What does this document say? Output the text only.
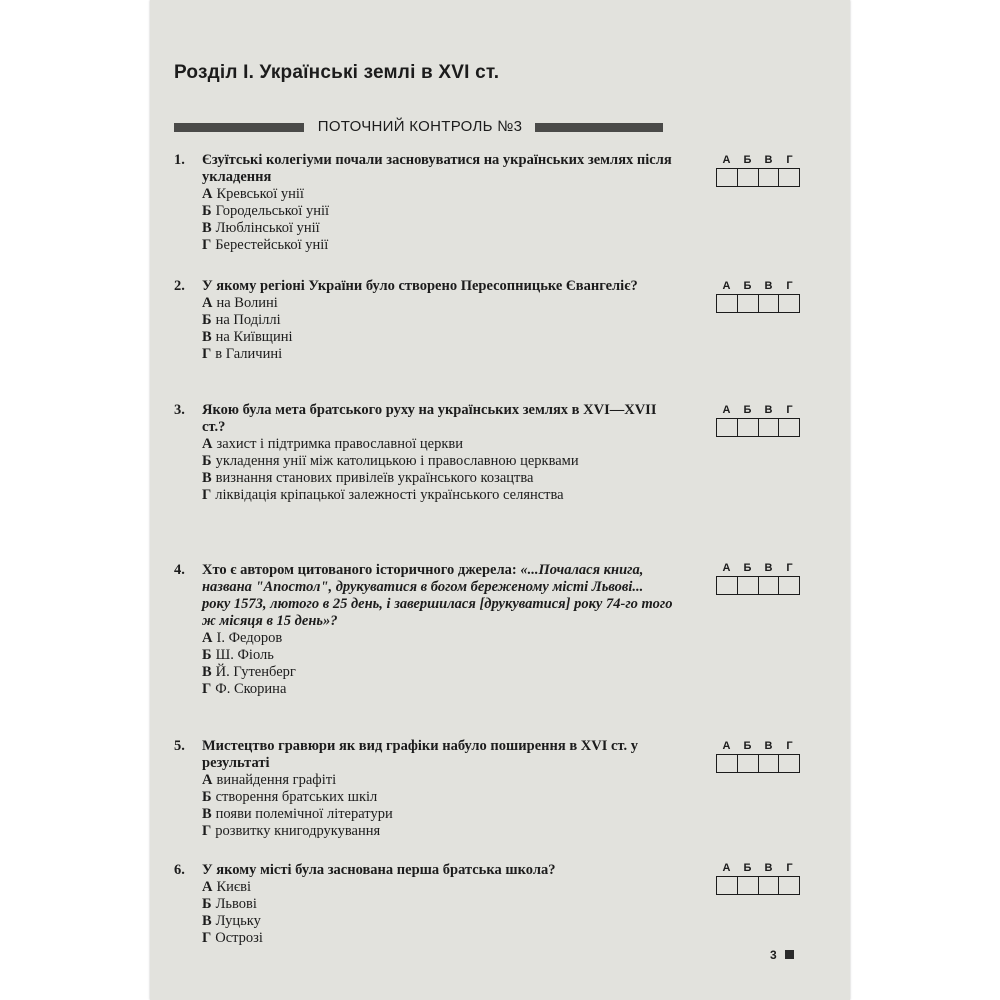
Розділ І. Українські землі в XVI ст.
ПОТОЧНИЙ КОНТРОЛЬ №3
1. Єзуїтські колегіуми почали засновуватися на українських землях після укладення
А Кревської унії
Б Городельської унії
В Люблінської унії
Г Берестейської унії
А	Б	В	Г
2. У якому регіоні України було створено Пересопницьке Євангеліє?
А на Волині
Б на Поділлі
В на Київщині
Г в Галичині
А	Б	В	Г
3. Якою була мета братського руху на українських землях в XVI—XVII ст.?
А захист і підтримка православної церкви
Б укладення унії між католицькою і православною церквами
В визнання станових привілеїв українського козацтва
Г ліквідація кріпацької залежності українського селянства
А	Б	В	Г
4. Хто є автором цитованого історичного джерела: «...Почалася книга, названа "Апостол", друкуватися в богом береженому місті Львові... року 1573, лютого в 25 день, і завершилася [друкуватися] року 74-го того ж місяця в 15 день»?
А І. Федоров
Б Ш. Фіоль
В Й. Гутенберг
Г Ф. Скорина
А	Б	В	Г
5. Мистецтво гравюри як вид графіки набуло поширення в XVI ст. у результаті
А винайдення графіті
Б створення братських шкіл
В появи полемічної літератури
Г розвитку книгодрукування
А	Б	В	Г
6. У якому місті була заснована перша братська школа?
А Києві
Б Львові
В Луцьку
Г Острозі
А	Б	В	Г
3
